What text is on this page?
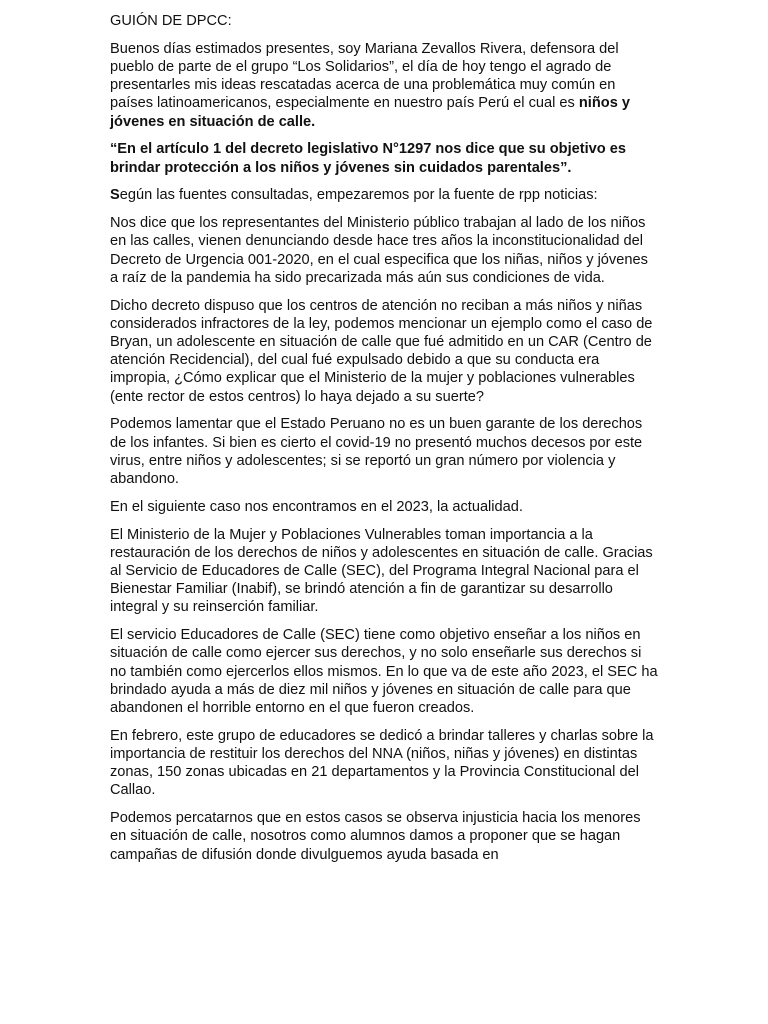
GUIÓN DE DPCC:

Buenos días estimados presentes, soy Mariana Zevallos Rivera, defensora del pueblo de parte de el grupo “Los Solidarios”, el día de hoy tengo el agrado de presentarles mis ideas rescatadas acerca de una problemática muy común en países latinoamericanos, especialmente en nuestro país Perú el cual es niños y jóvenes en situación de calle.

“En el artículo 1 del decreto legislativo N°1297 nos dice que su objetivo es brindar protección a los niños y jóvenes sin cuidados parentales”.

Según las fuentes consultadas, empezaremos por la fuente de rpp noticias:

Nos dice que los representantes del Ministerio público trabajan al lado de los niños en las calles, vienen denunciando desde hace tres años la inconstitucionalidad del Decreto de Urgencia 001-2020, en el cual especifica que los niñas, niños y jóvenes a raíz de la pandemia ha sido precarizada más aún sus condiciones de vida.

Dicho decreto dispuso que los centros de atención no reciban a más niños y niñas considerados infractores de la ley, podemos mencionar un ejemplo como el caso de Bryan, un adolescente en situación de calle que fué admitido en un CAR (Centro de atención Recidencial), del cual fué expulsado debido a que su conducta era impropia, ¿Cómo explicar que el Ministerio de la mujer y poblaciones vulnerables (ente rector de estos centros) lo haya dejado a su suerte?

Podemos lamentar que el Estado Peruano no es un buen garante de los derechos de los infantes. Si bien es cierto el covid-19 no presentó muchos decesos por este virus, entre niños y adolescentes; si se reportó un gran número por violencia y abandono.

En el siguiente caso nos encontramos en el 2023, la actualidad.

El Ministerio de la Mujer y Poblaciones Vulnerables toman importancia a la restauración de los derechos de niños y adolescentes en situación de calle. Gracias al Servicio de Educadores de Calle (SEC), del Programa Integral Nacional para el Bienestar Familiar (Inabif), se brindó atención a fin de garantizar su desarrollo integral y su reinserción familiar.

El servicio Educadores de Calle (SEC) tiene como objetivo enseñar a los niños en situación de calle como ejercer sus derechos, y no solo enseñarle sus derechos si no también como ejercerlos ellos mismos. En lo que va de este año 2023, el SEC ha brindado ayuda a más de diez mil niños y jóvenes en situación de calle para que abandonen el horrible entorno en el que fueron creados.

En febrero, este grupo de educadores se dedicó a brindar talleres y charlas sobre la importancia de restituir los derechos del NNA (niños, niñas y jóvenes) en distintas zonas, 150 zonas ubicadas en 21 departamentos y la Provincia Constitucional del Callao.

Podemos percatarnos que en estos casos se observa injusticia hacia los menores en situación de calle, nosotros como alumnos damos a proponer que se hagan campañas de difusión donde divulguemos ayuda basada en
